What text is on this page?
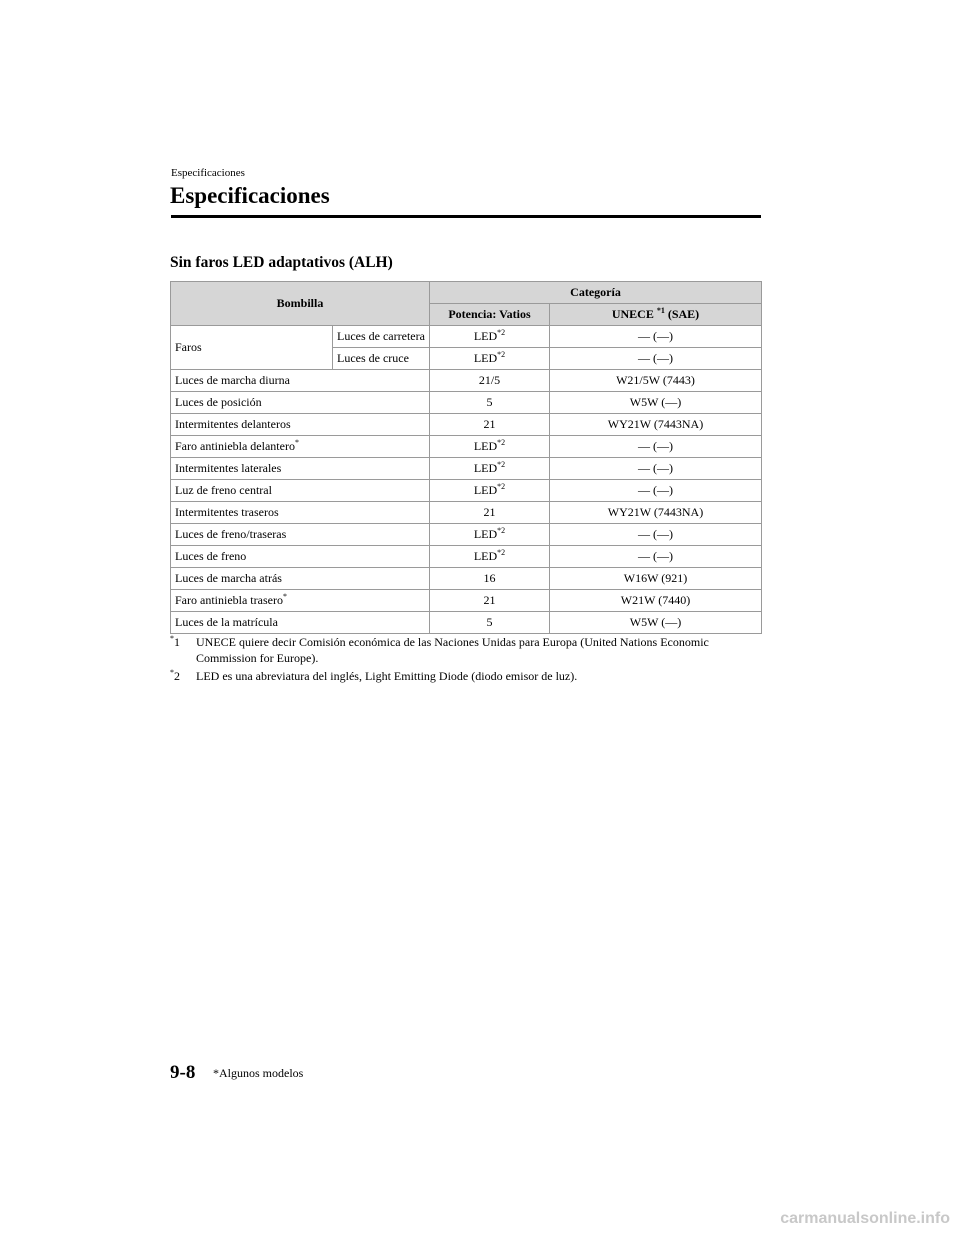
Especificaciones
Especificaciones
Sin faros LED adaptativos (ALH)
Bombilla		Categoría	
		Potencia: Vatios	UNECE $^{*1}$ (SAE)
Faros	Luces de carretera	LED$^{*2}$	— (—)
	Luces de cruce	LED$^{*2}$	— (—)
Luces de marcha diurna		21/5	W21/5W (7443)
Luces de posición		5	W5W (—)
Intermitentes delanteros		21	WY21W (7443NA)
Faro antiniebla delantero*		LED$^{*2}$	— (—)
Intermitentes laterales		LED$^{*2}$	— (—)
Luz de freno central		LED$^{*2}$	— (—)
Intermitentes traseros		21	WY21W (7443NA)
Luces de freno/traseras		LED$^{*2}$	— (—)
Luces de freno		LED$^{*2}$	— (—)
Luces de marcha atrás		16	W16W (921)
Faro antiniebla trasero*		21	W21W (7440)
Luces de la matrícula		5	W5W (—)
*1 UNECE quiere decir Comisión económica de las Naciones Unidas para Europa (United Nations Economic Commission for Europe).
*2 LED es una abreviatura del inglés, Light Emitting Diode (diodo emisor de luz).
9-8 *Algunos modelos
carmanualsonline.info
